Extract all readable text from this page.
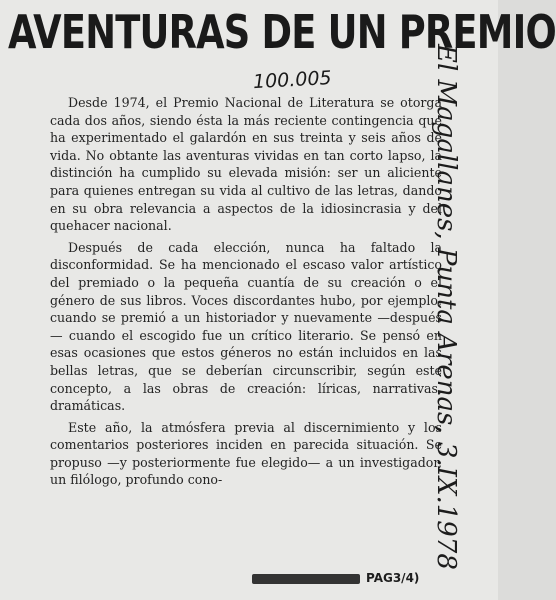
AVENTURAS DE UN PREMIO
100.005

Desde 1974, el Premio Nacional de Literatura se otorga cada dos años, siendo ésta la más reciente contingencia que ha experimentado el galardón en sus treinta y seis años de vida. No obtante las aventuras vividas en tan corto lapso, la distinción ha cumplido su elevada misión: ser un aliciente para quienes entregan su vida al cultivo de las letras, dando en su obra relevancia a aspectos de la idiosincrasia y del quehacer nacional.

Después de cada elección, nunca ha faltado la disconformidad. Se ha mencionado el escaso valor artístico del premiado o la pequeña cuantía de su creación o el género de sus libros. Voces discordantes hubo, por ejemplo, cuando se premió a un historiador y nuevamente —después— cuando el escogido fue un crítico literario. Se pensó en esas ocasiones que estos géneros no están incluidos en las bellas letras, que se deberían circunscribir, según este concepto, a las obras de creación: líricas, narrativas, dramáticas.

Este año, la atmósfera previa al discernimiento y los comentarios posteriores inciden en parecida situación. Se propuso —y posteriormente fue elegido— a un investigador, un filólogo, profundo cono-

PAG3/4)
El Magallanes, Punta Arenas, 3.IX.1978
